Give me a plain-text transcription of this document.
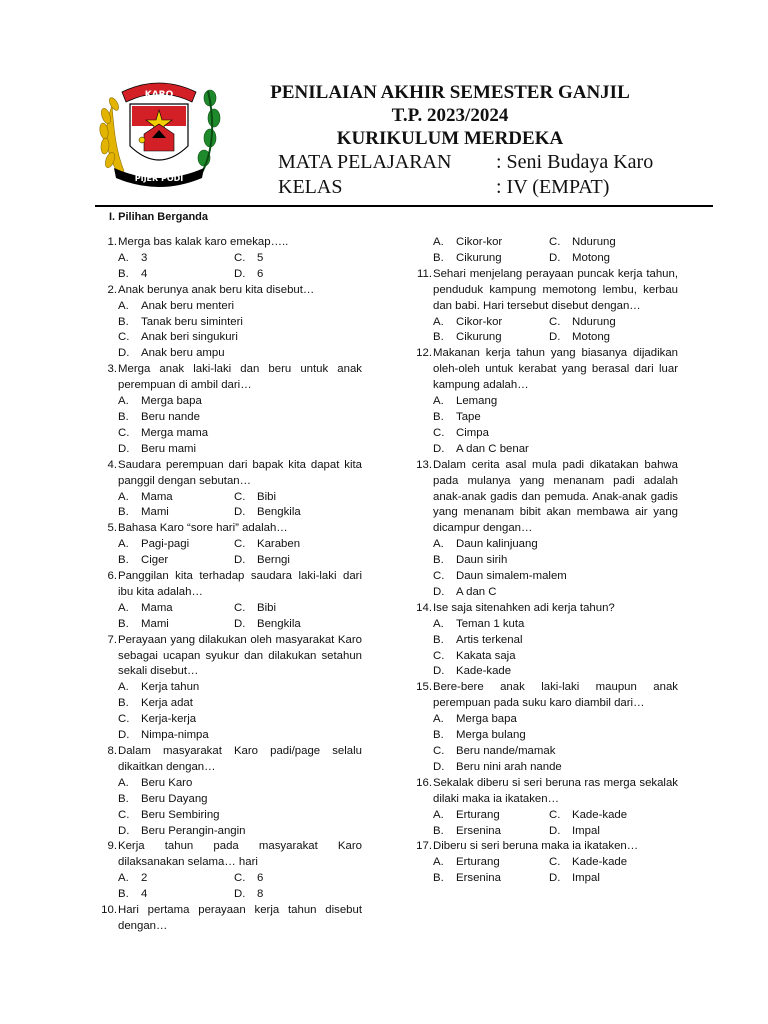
KARO
PIJER PODI
PENILAIAN AKHIR SEMESTER GANJIL
T.P. 2023/2024
KURIKULUM MERDEKA
MATA PELAJARAN : Seni Budaya Karo
KELAS	: IV (EMPAT)
I. Pilihan Berganda
1. Merga bas kalak karo emekap…..
A.	3	C.	5
B.	4	D.	6
2. Anak berunya anak beru kita disebut…
A.	Anak beru menteri
B.	Tanak beru siminteri
C.	Anak beri singukuri
D.	Anak beru ampu
3. Merga anak laki-laki dan beru untuk anak perempuan di ambil dari…
A.	Merga bapa
B.	Beru nande
C.	Merga mama
D.	Beru mami
4. Saudara perempuan dari bapak kita dapat kita panggil dengan sebutan…
A.	Mama	C.	Bibi
B.	Mami	D.	Bengkila
5. Bahasa Karo “sore hari” adalah…
A.	Pagi-pagi	C.	Karaben
B.	Ciger	D.	Berngi
6. Panggilan kita terhadap saudara laki-laki dari ibu kita adalah…
A.	Mama	C.	Bibi
B.	Mami	D.	Bengkila
7. Perayaan yang dilakukan oleh masyarakat Karo sebagai ucapan syukur dan dilakukan setahun sekali disebut…
A.	Kerja tahun
B.	Kerja adat
C.	Kerja-kerja
D.	Nimpa-nimpa
8. Dalam masyarakat Karo padi/page selalu dikaitkan dengan…
A.	Beru Karo
B.	Beru Dayang
C.	Beru Sembiring
D.	Beru Perangin-angin
9. Kerja tahun pada masyarakat Karo dilaksanakan selama… hari
A.	2	C.	6
B.	4	D.	8
10. Hari pertama perayaan kerja tahun disebut dengan…
A.	Cikor-kor	C.	Ndurung
B.	Cikurung	D.	Motong
11. Sehari menjelang perayaan puncak kerja tahun, penduduk kampung memotong lembu, kerbau dan babi. Hari tersebut disebut dengan…
A.	Cikor-kor	C.	Ndurung
B.	Cikurung	D.	Motong
12. Makanan kerja tahun yang biasanya dijadikan oleh-oleh untuk kerabat yang berasal dari luar kampung adalah…
A.	Lemang
B.	Tape
C.	Cimpa
D.	A dan C benar
13. Dalam cerita asal mula padi dikatakan bahwa pada mulanya yang menanam padi adalah anak-anak gadis dan pemuda. Anak-anak gadis yang menanam bibit akan membawa air yang dicampur dengan…
A.	Daun kalinjuang
B.	Daun sirih
C.	Daun simalem-malem
D.	A dan C
14. Ise saja sitenahken adi kerja tahun?
A.	Teman 1 kuta
B.	Artis terkenal
C.	Kakata saja
D.	Kade-kade
15. Bere-bere anak laki-laki maupun anak perempuan pada suku karo diambil dari…
A.	Merga bapa
B.	Merga bulang
C.	Beru nande/mamak
D.	Beru nini arah nande
16. Sekalak diberu si seri beruna ras merga sekalak dilaki maka ia ikataken…
A.	Erturang	C.	Kade-kade
B.	Ersenina	D.	Impal
17. Diberu si seri beruna maka ia ikataken…
A.	Erturang	C.	Kade-kade
B.	Ersenina	D.	Impal
